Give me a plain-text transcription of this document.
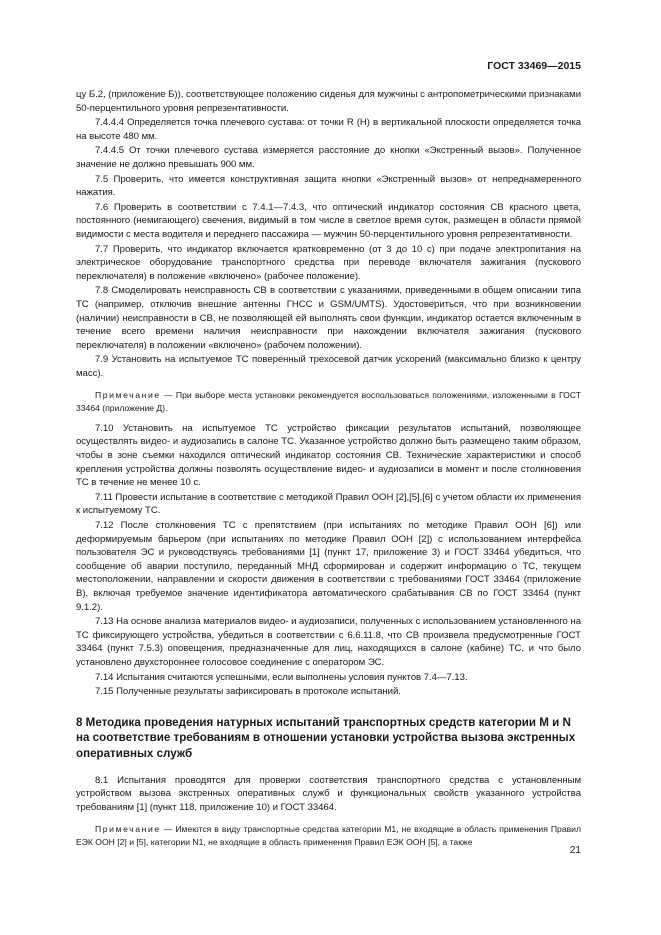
ГОСТ 33469—2015

цу Б.2, (приложение Б)), соответствующее положению сиденья для мужчины с антропометрическими признаками 50-перцентильного уровня репрезентативности.

7.4.4.4 Определяется точка плечевого сустава: от точки R (H) в вертикальной плоскости определяется точка на высоте 480 мм.

7.4.4.5 От точки плечевого сустава измеряется расстояние до кнопки «Экстренный вызов». Полученное значение не должно превышать 900 мм.

7.5 Проверить, что имеется конструктивная защита кнопки «Экстренный вызов» от непреднамеренного нажатия.

7.6 Проверить в соответствии с 7.4.1—7.4.3, что оптический индикатор состояния СВ красного цвета, постоянного (немигающего) свечения, видимый в том числе в светлое время суток, размещен в области прямой видимости с места водителя и переднего пассажира — мужчин 50-перцентильного уровня репрезентативности.

7.7 Проверить, что индикатор включается кратковременно (от 3 до 10 с) при подаче электропитания на электрическое оборудование транспортного средства при переводе включателя зажигания (пускового переключателя) в положение «включено» (рабочее положение).

7.8 Смоделировать неисправность СВ в соответствии с указаниями, приведенными в общем описании типа ТС (например, отключив внешние антенны ГНСС и GSM/UMTS). Удостовериться, что при возникновении (наличии) неисправности в СВ, не позволяющей ей выполнять свои функции, индикатор остается включенным в течение всего времени наличия неисправности при нахождении включателя зажигания (пускового переключателя) в положении «включено» (рабочем положении).

7.9 Установить на испытуемое ТС поверенный трехосевой датчик ускорений (максимально близко к центру масс).

Примечание — При выборе места установки рекомендуется воспользоваться положениями, изложенными в ГОСТ 33464 (приложение Д).

7.10 Установить на испытуемое ТС устройство фиксации результатов испытаний, позволяющее осуществлять видео- и аудиозапись в салоне ТС. Указанное устройство должно быть размещено таким образом, чтобы в зоне съемки находился оптический индикатор состояния СВ. Технические характеристики и способ крепления устройства должны позволять осуществление видео- и аудиозаписи в момент и после столкновения ТС в течение не менее 10 с.

7.11 Провести испытание в соответствие с методикой Правил ООН [2],[5],[6] с учетом области их применения к испытуемому ТС.

7.12 После столкновения ТС с препятствием (при испытаниях по методике Правил ООН [6]) или деформируемым барьером (при испытаниях по методике Правил ООН [2]) с использованием интерфейса пользователя ЭС и руководствуясь требованиями [1] (пункт 17, приложение 3) и ГОСТ 33464 убедиться, что сообщение об аварии поступило, переданный МНД сформирован и содержит информацию о ТС, текущем местоположении, направлении и скорости движения в соответствии с требованиями ГОСТ 33464 (приложение В), включая требуемое значение идентификатора автоматического срабатывания СВ по ГОСТ 33464 (пункт 9.1.2).

7.13 На основе анализа материалов видео- и аудиозаписи, полученных с использованием установленного на ТС фиксирующего устройства, убедиться в соответствии с 6.6.11.8, что СВ произвела предусмотренные ГОСТ 33464 (пункт 7.5.3) оповещения, предназначенные для лиц, находящихся в салоне (кабине) ТС, и что было установлено двухстороннее голосовое соединение с оператором ЭС.

7.14 Испытания считаются успешными, если выполнены условия пунктов 7.4—7.13.

7.15 Полученные результаты зафиксировать в протоколе испытаний.

8 Методика проведения натурных испытаний транспортных средств категории М и N на соответствие требованиям в отношении установки устройства вызова экстренных оперативных служб

8.1 Испытания проводятся для проверки соответствия транспортного средства с установленным устройством вызова экстренных оперативных служб и функциональных свойств указанного устройства требованиям [1] (пункт 118, приложение 10) и ГОСТ 33464.

Примечание — Имеются в виду транспортные средства категории М1, не входящие в область применения Правил ЕЭК ООН [2] и [5], категории N1, не входящие в область применения Правил ЕЭК ООН [5], а также

21
